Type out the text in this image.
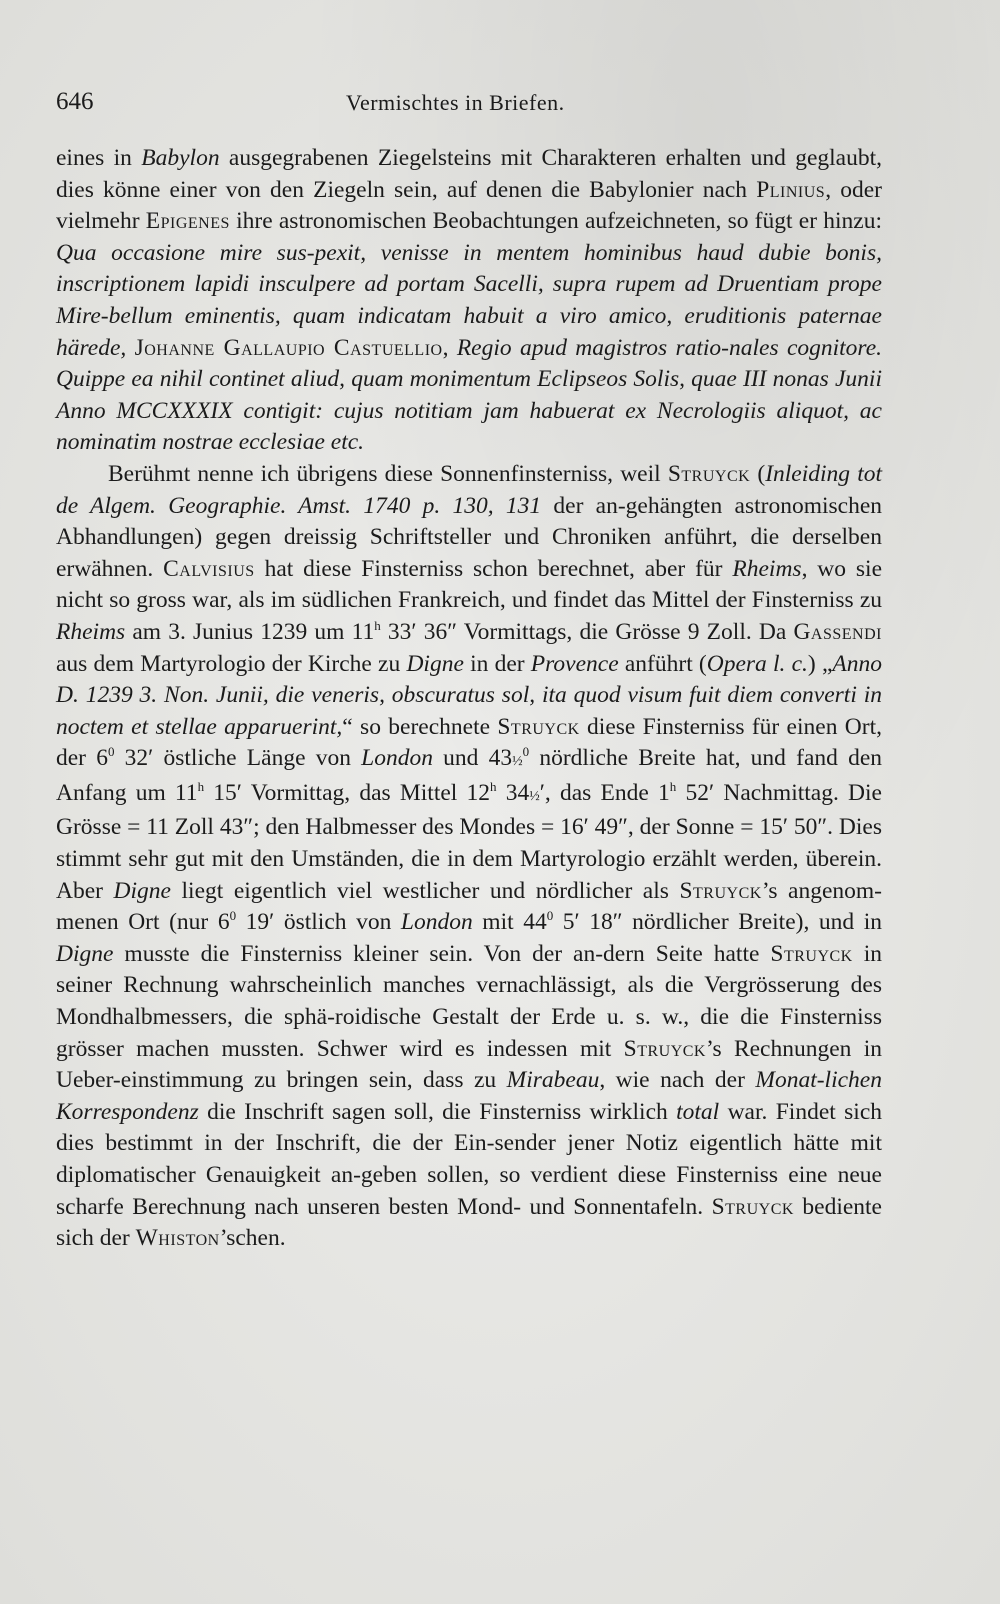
646	Vermischtes in Briefen.

eines in Babylon ausgegrabenen Ziegelsteins mit Charakteren erhalten und geglaubt, dies könne einer von den Ziegeln sein, auf denen die Babylonier nach Plinius, oder vielmehr Epigenes ihre astronomischen Beobachtungen aufzeichneten, so fügt er hinzu: Qua occasione mire sus-pexit, venisse in mentem hominibus haud dubie bonis, inscriptionem lapidi insculpere ad portam Sacelli, supra rupem ad Druentiam prope Mire-bellum eminentis, quam indicatam habuit a viro amico, eruditionis paternae härede, Johanne Gallaupio Castuellio, Regio apud magistros ratio-nales cognitore. Quippe ea nihil continet aliud, quam monimentum Eclipseos Solis, quae III nonas Junii Anno MCCXXXIX contigit: cujus notitiam jam habuerat ex Necrologiis aliquot, ac nominatim nostrae ecclesiae etc.

Berühmt nenne ich übrigens diese Sonnenfinsterniss, weil Struyck (Inleiding tot de Algem. Geographie. Amst. 1740 p. 130, 131 der an-gehängten astronomischen Abhandlungen) gegen dreissig Schriftsteller und Chroniken anführt, die derselben erwähnen. Calvisius hat diese Finsterniss schon berechnet, aber für Rheims, wo sie nicht so gross war, als im südlichen Frankreich, und findet das Mittel der Finsterniss zu Rheims am 3. Junius 1239 um 11$^h$ 33′ 36″ Vormittags, die Grösse 9 Zoll. Da Gassendi aus dem Martyrologio der Kirche zu Digne in der Provence anführt (Opera l. c.) „Anno D. 1239 3. Non. Junii, die veneris, obscuratus sol, ita quod visum fuit diem converti in noctem et stellae apparuerint,“ so berechnete Struyck diese Finsterniss für einen Ort, der $6^0$ 32′ östliche Länge von London und 43½$^0$ nördliche Breite hat, und fand den Anfang um 11$^h$ 15′ Vormittag, das Mittel 12$^h$ 34½′, das Ende 1$^h$ 52′ Nachmittag. Die Grösse = 11 Zoll 43″; den Halbmesser des Mondes = 16′ 49″, der Sonne = 15′ 50″. Dies stimmt sehr gut mit den Umständen, die in dem Martyrologio erzählt werden, überein. Aber Digne liegt eigentlich viel westlicher und nördlicher als Struyck’s angenom-menen Ort (nur $6^0$ 19′ östlich von London mit $44^0$ 5′ 18″ nördlicher Breite), und in Digne musste die Finsterniss kleiner sein. Von der an-dern Seite hatte Struyck in seiner Rechnung wahrscheinlich manches vernachlässigt, als die Vergrösserung des Mondhalbmessers, die sphä-roidische Gestalt der Erde u. s. w., die die Finsterniss grösser machen mussten. Schwer wird es indessen mit Struyck’s Rechnungen in Ueber-einstimmung zu bringen sein, dass zu Mirabeau, wie nach der Monat-lichen Korrespondenz die Inschrift sagen soll, die Finsterniss wirklich total war. Findet sich dies bestimmt in der Inschrift, die der Ein-sender jener Notiz eigentlich hätte mit diplomatischer Genauigkeit an-geben sollen, so verdient diese Finsterniss eine neue scharfe Berechnung nach unseren besten Mond- und Sonnentafeln. Struyck bediente sich der Whiston’schen.
